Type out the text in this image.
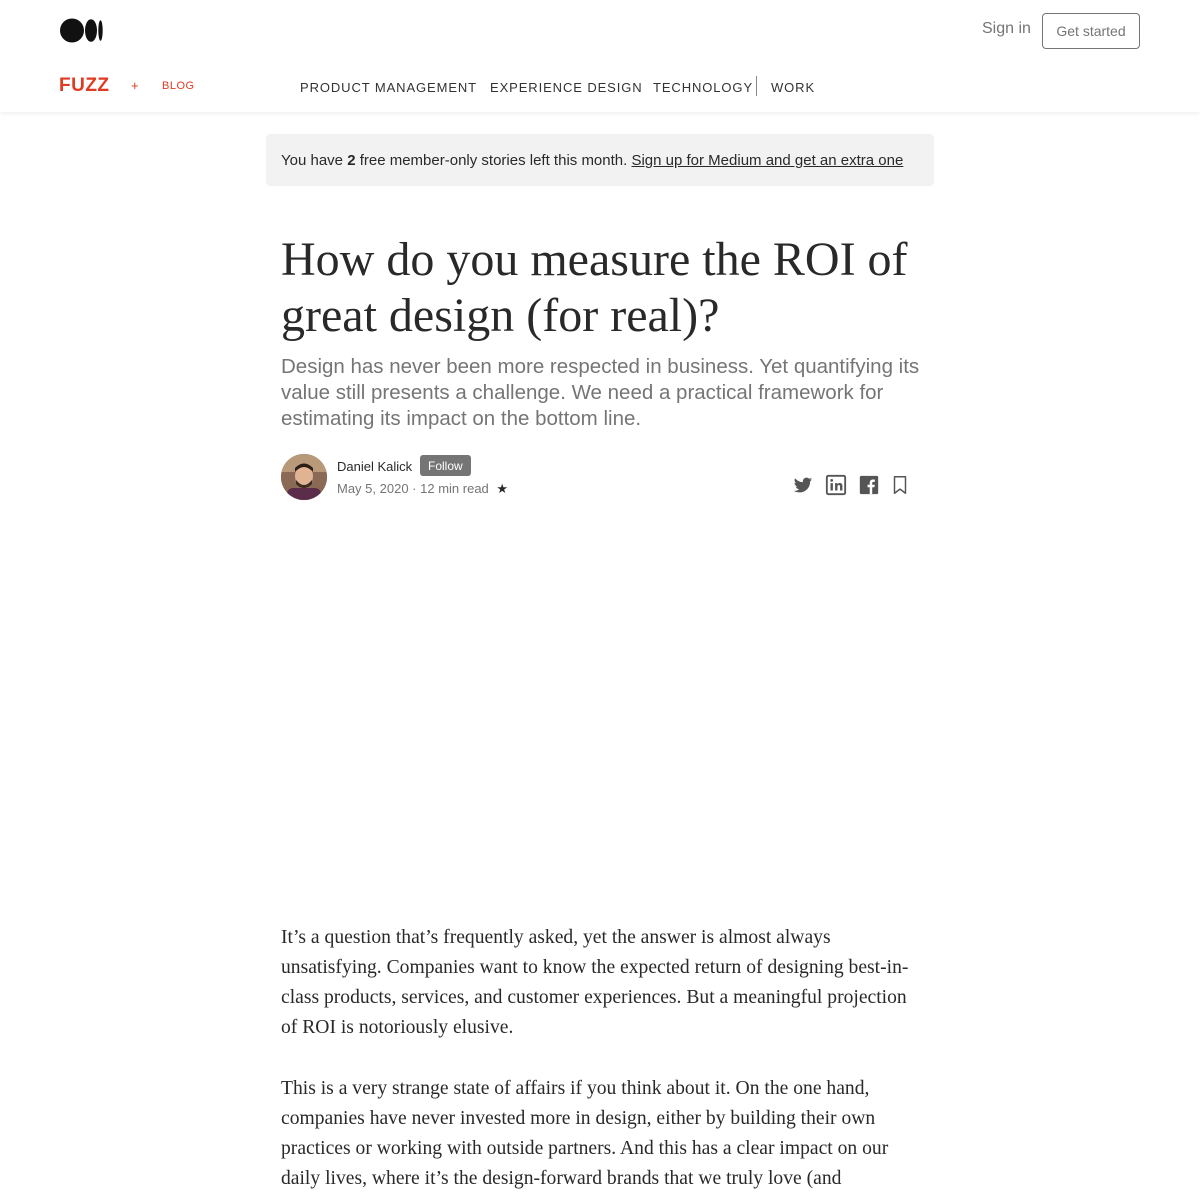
Sign in	Get started
FUZZ + BLOG	PRODUCT MANAGEMENT EXPERIENCE DESIGN TECHNOLOGY WORK
You have 2 free member-only stories left this month. Sign up for Medium and get an extra one
How do you measure the ROI of great design (for real)?
Design has never been more respected in business. Yet quantifying its value still presents a challenge. We need a practical framework for estimating its impact on the bottom line.
Daniel Kalick	Follow
May 5, 2020 · 12 min read ★

It’s a question that’s frequently asked, yet the answer is almost always unsatisfying. Companies want to know the expected return of designing best-in-class products, services, and customer experiences. But a meaningful projection of ROI is notoriously elusive.

This is a very strange state of affairs if you think about it. On the one hand, companies have never invested more in design, either by building their own practices or working with outside partners. And this has a clear impact on our daily lives, where it’s the design-forward brands that we truly love (and
